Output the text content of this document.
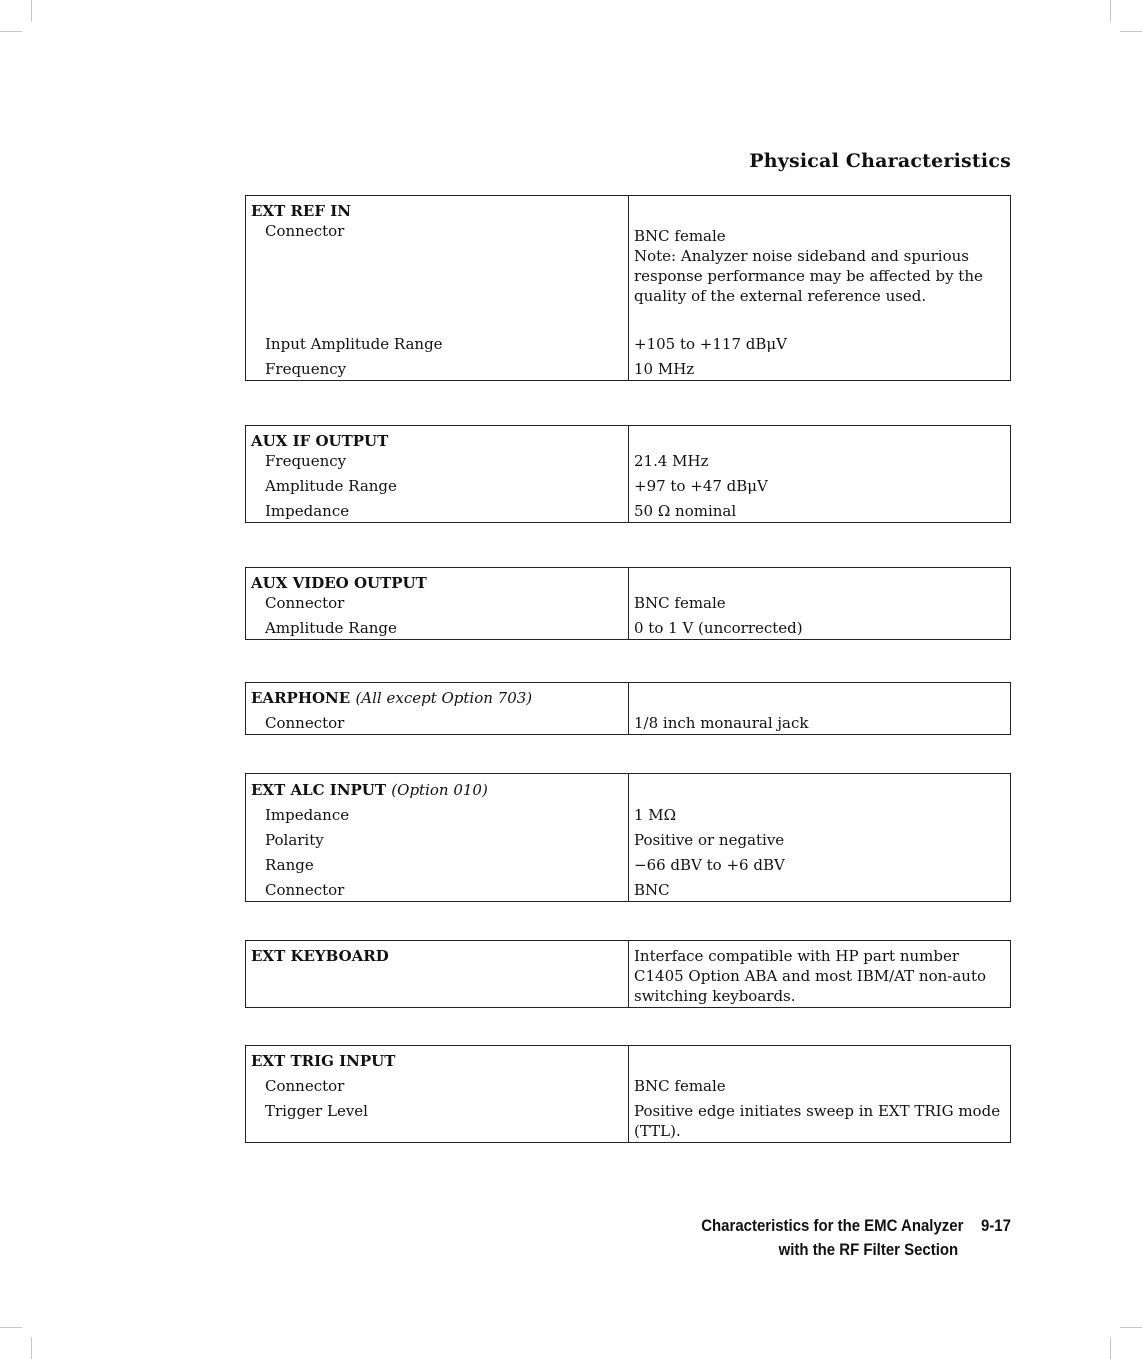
Physical Characteristics
EXT REF IN	
Connector	BNC female
	Note: Analyzer noise sideband and spurious response performance may be affected by the quality of the external reference used.
Input Amplitude Range	+105 to +117 dBμV
Frequency	10 MHz
AUX IF OUTPUT	
Frequency	21.4 MHz
Amplitude Range	+97 to +47 dBμV
Impedance	50 Ω nominal
AUX VIDEO OUTPUT	
Connector	BNC female
Amplitude Range	0 to 1 V (uncorrected)
EARPHONE (All except Option 703)	
Connector	1/8 inch monaural jack
EXT ALC INPUT (Option 010)	
Impedance	1 MΩ
Polarity	Positive or negative
Range	−66 dBV to +6 dBV
Connector	BNC
EXT KEYBOARD	Interface compatible with HP part number C1405 Option ABA and most IBM/AT non-auto switching keyboards.
EXT TRIG INPUT	
Connector	BNC female
Trigger Level	Positive edge initiates sweep in EXT TRIG mode (TTL).
Characteristics for the EMC Analyzer 9-17
with the RF Filter Section
